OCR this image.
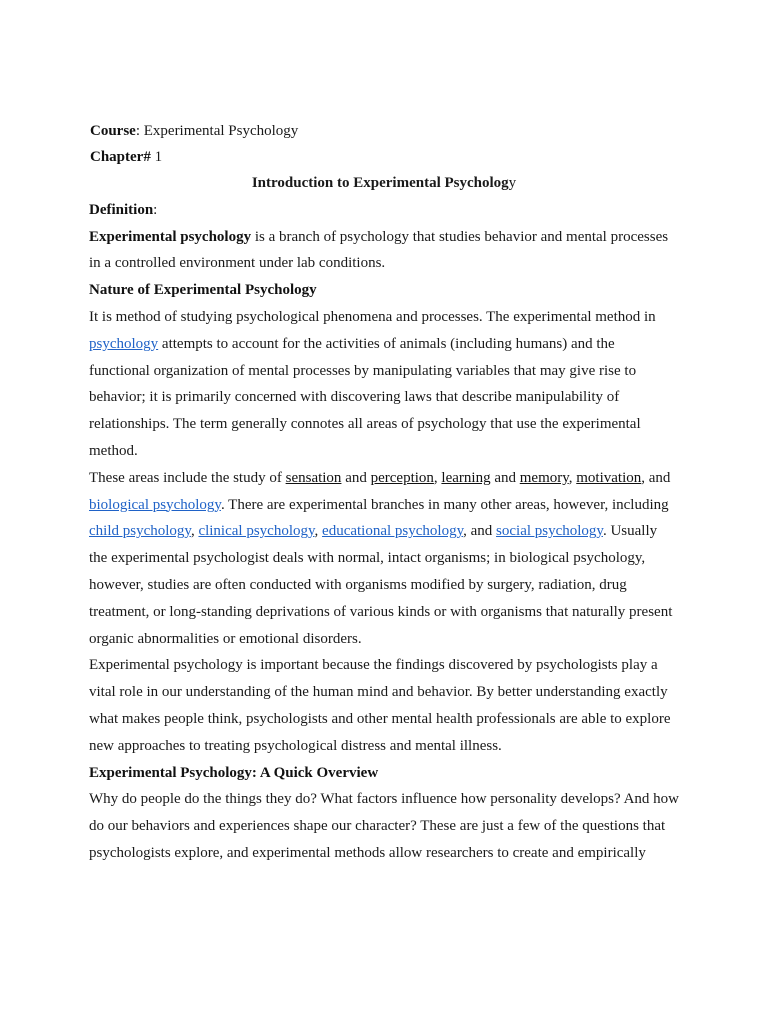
Course: Experimental Psychology
Chapter# 1
Introduction to Experimental Psychology
Definition:

Experimental psychology is a branch of psychology that studies behavior and mental processes in a controlled environment under lab conditions.

Nature of Experimental Psychology

It is method of studying psychological phenomena and processes. The experimental method in psychology attempts to account for the activities of animals (including humans) and the functional organization of mental processes by manipulating variables that may give rise to behavior; it is primarily concerned with discovering laws that describe manipulability of relationships. The term generally connotes all areas of psychology that use the experimental method.

These areas include the study of sensation and perception, learning and memory, motivation, and biological psychology. There are experimental branches in many other areas, however, including child psychology, clinical psychology, educational psychology, and social psychology. Usually the experimental psychologist deals with normal, intact organisms; in biological psychology, however, studies are often conducted with organisms modified by surgery, radiation, drug treatment, or long-standing deprivations of various kinds or with organisms that naturally present organic abnormalities or emotional disorders.

Experimental psychology is important because the findings discovered by psychologists play a vital role in our understanding of the human mind and behavior. By better understanding exactly what makes people think, psychologists and other mental health professionals are able to explore new approaches to treating psychological distress and mental illness.

Experimental Psychology: A Quick Overview

Why do people do the things they do? What factors influence how personality develops? And how do our behaviors and experiences shape our character? These are just a few of the questions that psychologists explore, and experimental methods allow researchers to create and empirically
